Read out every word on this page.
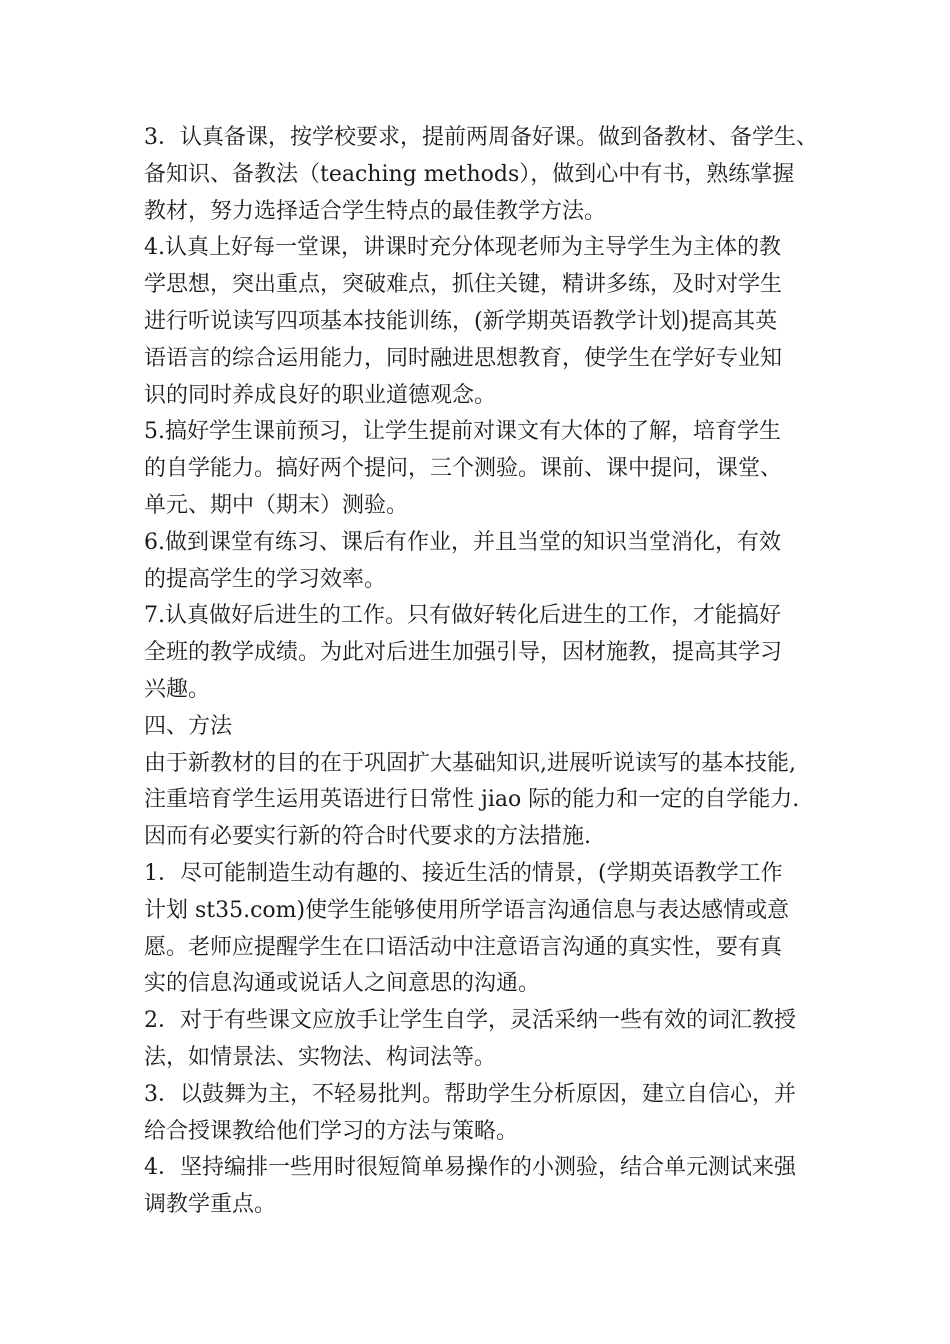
3．认真备课，按学校要求，提前两周备好课。做到备教材、备学生、
备知识、备教法（teaching methods），做到心中有书，熟练掌握
教材，努力选择适合学生特点的最佳教学方法。
4.认真上好每一堂课，讲课时充分体现老师为主导学生为主体的教
学思想，突出重点，突破难点，抓住关键，精讲多练，及时对学生
进行听说读写四项基本技能训练，(新学期英语教学计划)提高其英
语语言的综合运用能力，同时融进思想教育，使学生在学好专业知
识的同时养成良好的职业道德观念。
5.搞好学生课前预习，让学生提前对课文有大体的了解，培育学生
的自学能力。搞好两个提问，三个测验。课前、课中提问，课堂、
单元、期中（期末）测验。
6.做到课堂有练习、课后有作业，并且当堂的知识当堂消化，有效
的提高学生的学习效率。
7.认真做好后进生的工作。只有做好转化后进生的工作，才能搞好
全班的教学成绩。为此对后进生加强引导，因材施教，提高其学习
兴趣。
四、方法
由于新教材的目的在于巩固扩大基础知识,进展听说读写的基本技能,
注重培育学生运用英语进行日常性 jiao 际的能力和一定的自学能力.
因而有必要实行新的符合时代要求的方法措施.
1．尽可能制造生动有趣的、接近生活的情景，(学期英语教学工作
计划 st35.com)使学生能够使用所学语言沟通信息与表达感情或意
愿。老师应提醒学生在口语活动中注意语言沟通的真实性，要有真
实的信息沟通或说话人之间意思的沟通。
2．对于有些课文应放手让学生自学，灵活采纳一些有效的词汇教授
法，如情景法、实物法、构词法等。
3．以鼓舞为主，不轻易批判。帮助学生分析原因，建立自信心，并
给合授课教给他们学习的方法与策略。
4．坚持编排一些用时很短简单易操作的小测验，结合单元测试来强
调教学重点。
